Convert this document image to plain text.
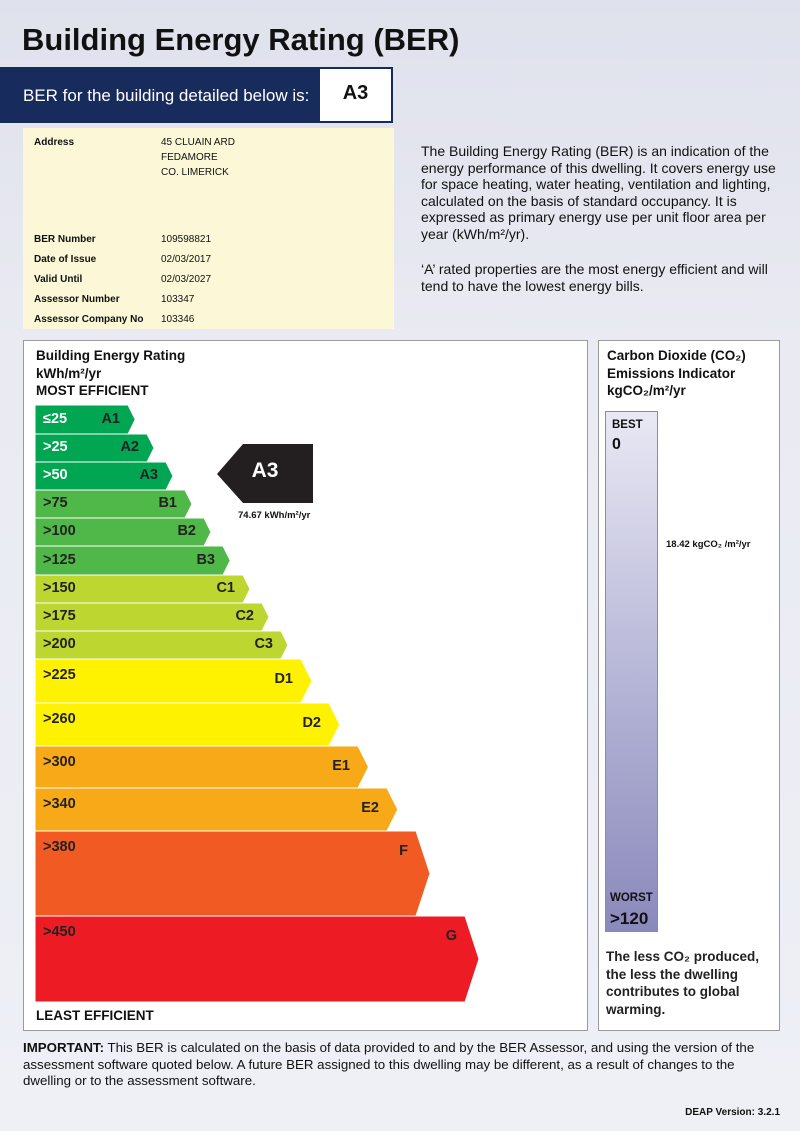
Building Energy Rating (BER)
BER for the building detailed below is:	A3
Address	45 CLUAIN ARD
FEDAMORE
CO. LIMERICK
BER Number	109598821
Date of Issue	02/03/2017
Valid Until	02/03/2027
Assessor Number	103347
Assessor Company No 103346
The Building Energy Rating (BER) is an indication of the energy performance of this dwelling. It covers energy use for space heating, water heating, ventilation and lighting, calculated on the basis of standard occupancy. It is expressed as primary energy use per unit floor area per year (kWh/m²/yr).
‘A’ rated properties are the most energy efficient and will tend to have the lowest energy bills.
Building Energy Rating
kWh/m²/yr
MOST EFFICIENT
LEAST EFFICIENT
≤25	A1
>25	A2
>50	A3
>75	B1
>100	B2
>125	B3
>150	C1
>175	C2
>200	C3
>225	D1
>260	D2
>300	E1
>340	E2
>380	F
>450	G
A3
74.67 kWh/m²/yr
Carbon Dioxide (CO₂)
Emissions Indicator
kgCO₂/m²/yr
BEST
0
WORST
>120
Calculated
annual CO₂
emissions
18.42 kgCO₂ /m²/yr
The less CO₂ produced, the less the dwelling contributes to global warming.
IMPORTANT: This BER is calculated on the basis of data provided to and by the BER Assessor, and using the version of the assessment software quoted below. A future BER assigned to this dwelling may be different, as a result of changes to the dwelling or to the assessment software.
DEAP Version: 3.2.1
